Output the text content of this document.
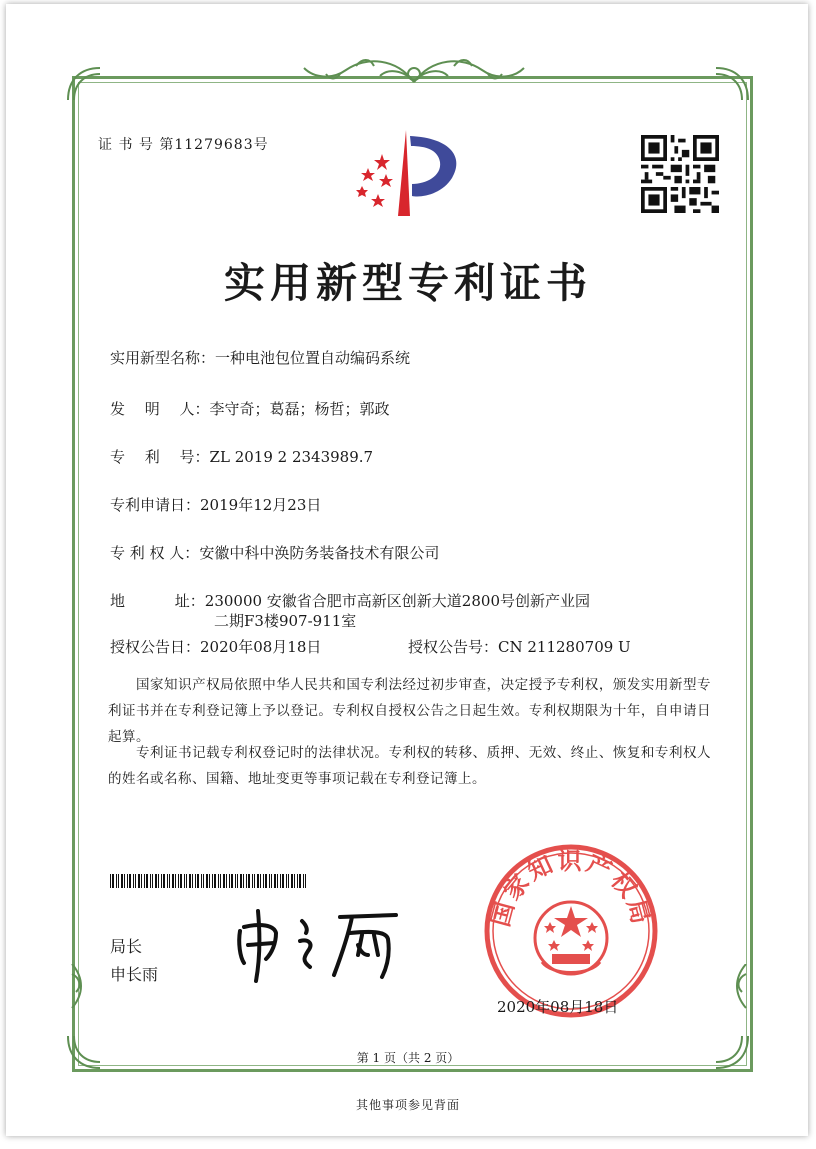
证 书 号 第11279683号
实用新型专利证书
实用新型名称：一种电池包位置自动编码系统
发　 明　 人：李守奇；葛磊；杨哲；郭政
专　 利　 号：ZL 2019 2 2343989.7
专利申请日：2019年12月23日
专 利 权 人：安徽中科中涣防务装备技术有限公司
地　　　 址：230000 安徽省合肥市高新区创新大道2800号创新产业园
二期F3楼907-911室
授权公告日：2020年08月18日	授权公告号：CN 211280709 U
国家知识产权局依照中华人民共和国专利法经过初步审查，决定授予专利权，颁发实用新型专利证书并在专利登记簿上予以登记。专利权自授权公告之日起生效。专利权期限为十年，自申请日起算。
专利证书记载专利权登记时的法律状况。专利权的转移、质押、无效、终止、恢复和专利权人的姓名或名称、国籍、地址变更等事项记载在专利登记簿上。
局长
申长雨
国家知识产权局
2020年08月18日
第 1 页（共 2 页）
其他事项参见背面
